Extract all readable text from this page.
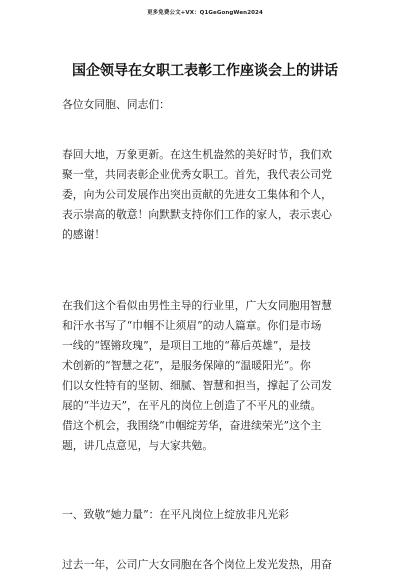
更多免费公文+VX：Q1GeGongWen2024
国企领导在女职工表彰工作座谈会上的讲话

各位女同胞、同志们：

春回大地，万象更新。在这生机盎然的美好时节，我们欢
聚一堂，共同表彰企业优秀女职工。首先，我代表公司党
委，向为公司发展作出突出贡献的先进女工集体和个人，
表示崇高的敬意！向默默支持你们工作的家人，表示衷心
的感谢！

在我们这个看似由男性主导的行业里，广大女同胞用智慧
和汗水书写了“巾帼不让须眉”的动人篇章。你们是市场
一线的“铿锵玫瑰”，是项目工地的“幕后英雄”，是技
术创新的“智慧之花”，是服务保障的“温暖阳光”。你
们以女性特有的坚韧、细腻、智慧和担当，撑起了公司发
展的“半边天”，在平凡的岗位上创造了不平凡的业绩。
借这个机会，我围绕“巾帼绽芳华，奋进续荣光”这个主
题，讲几点意见，与大家共勉。

一、致敬“她力量”：在平凡岗位上绽放非凡光彩

过去一年，公司广大女同胞在各个岗位上发光发热，用奋
